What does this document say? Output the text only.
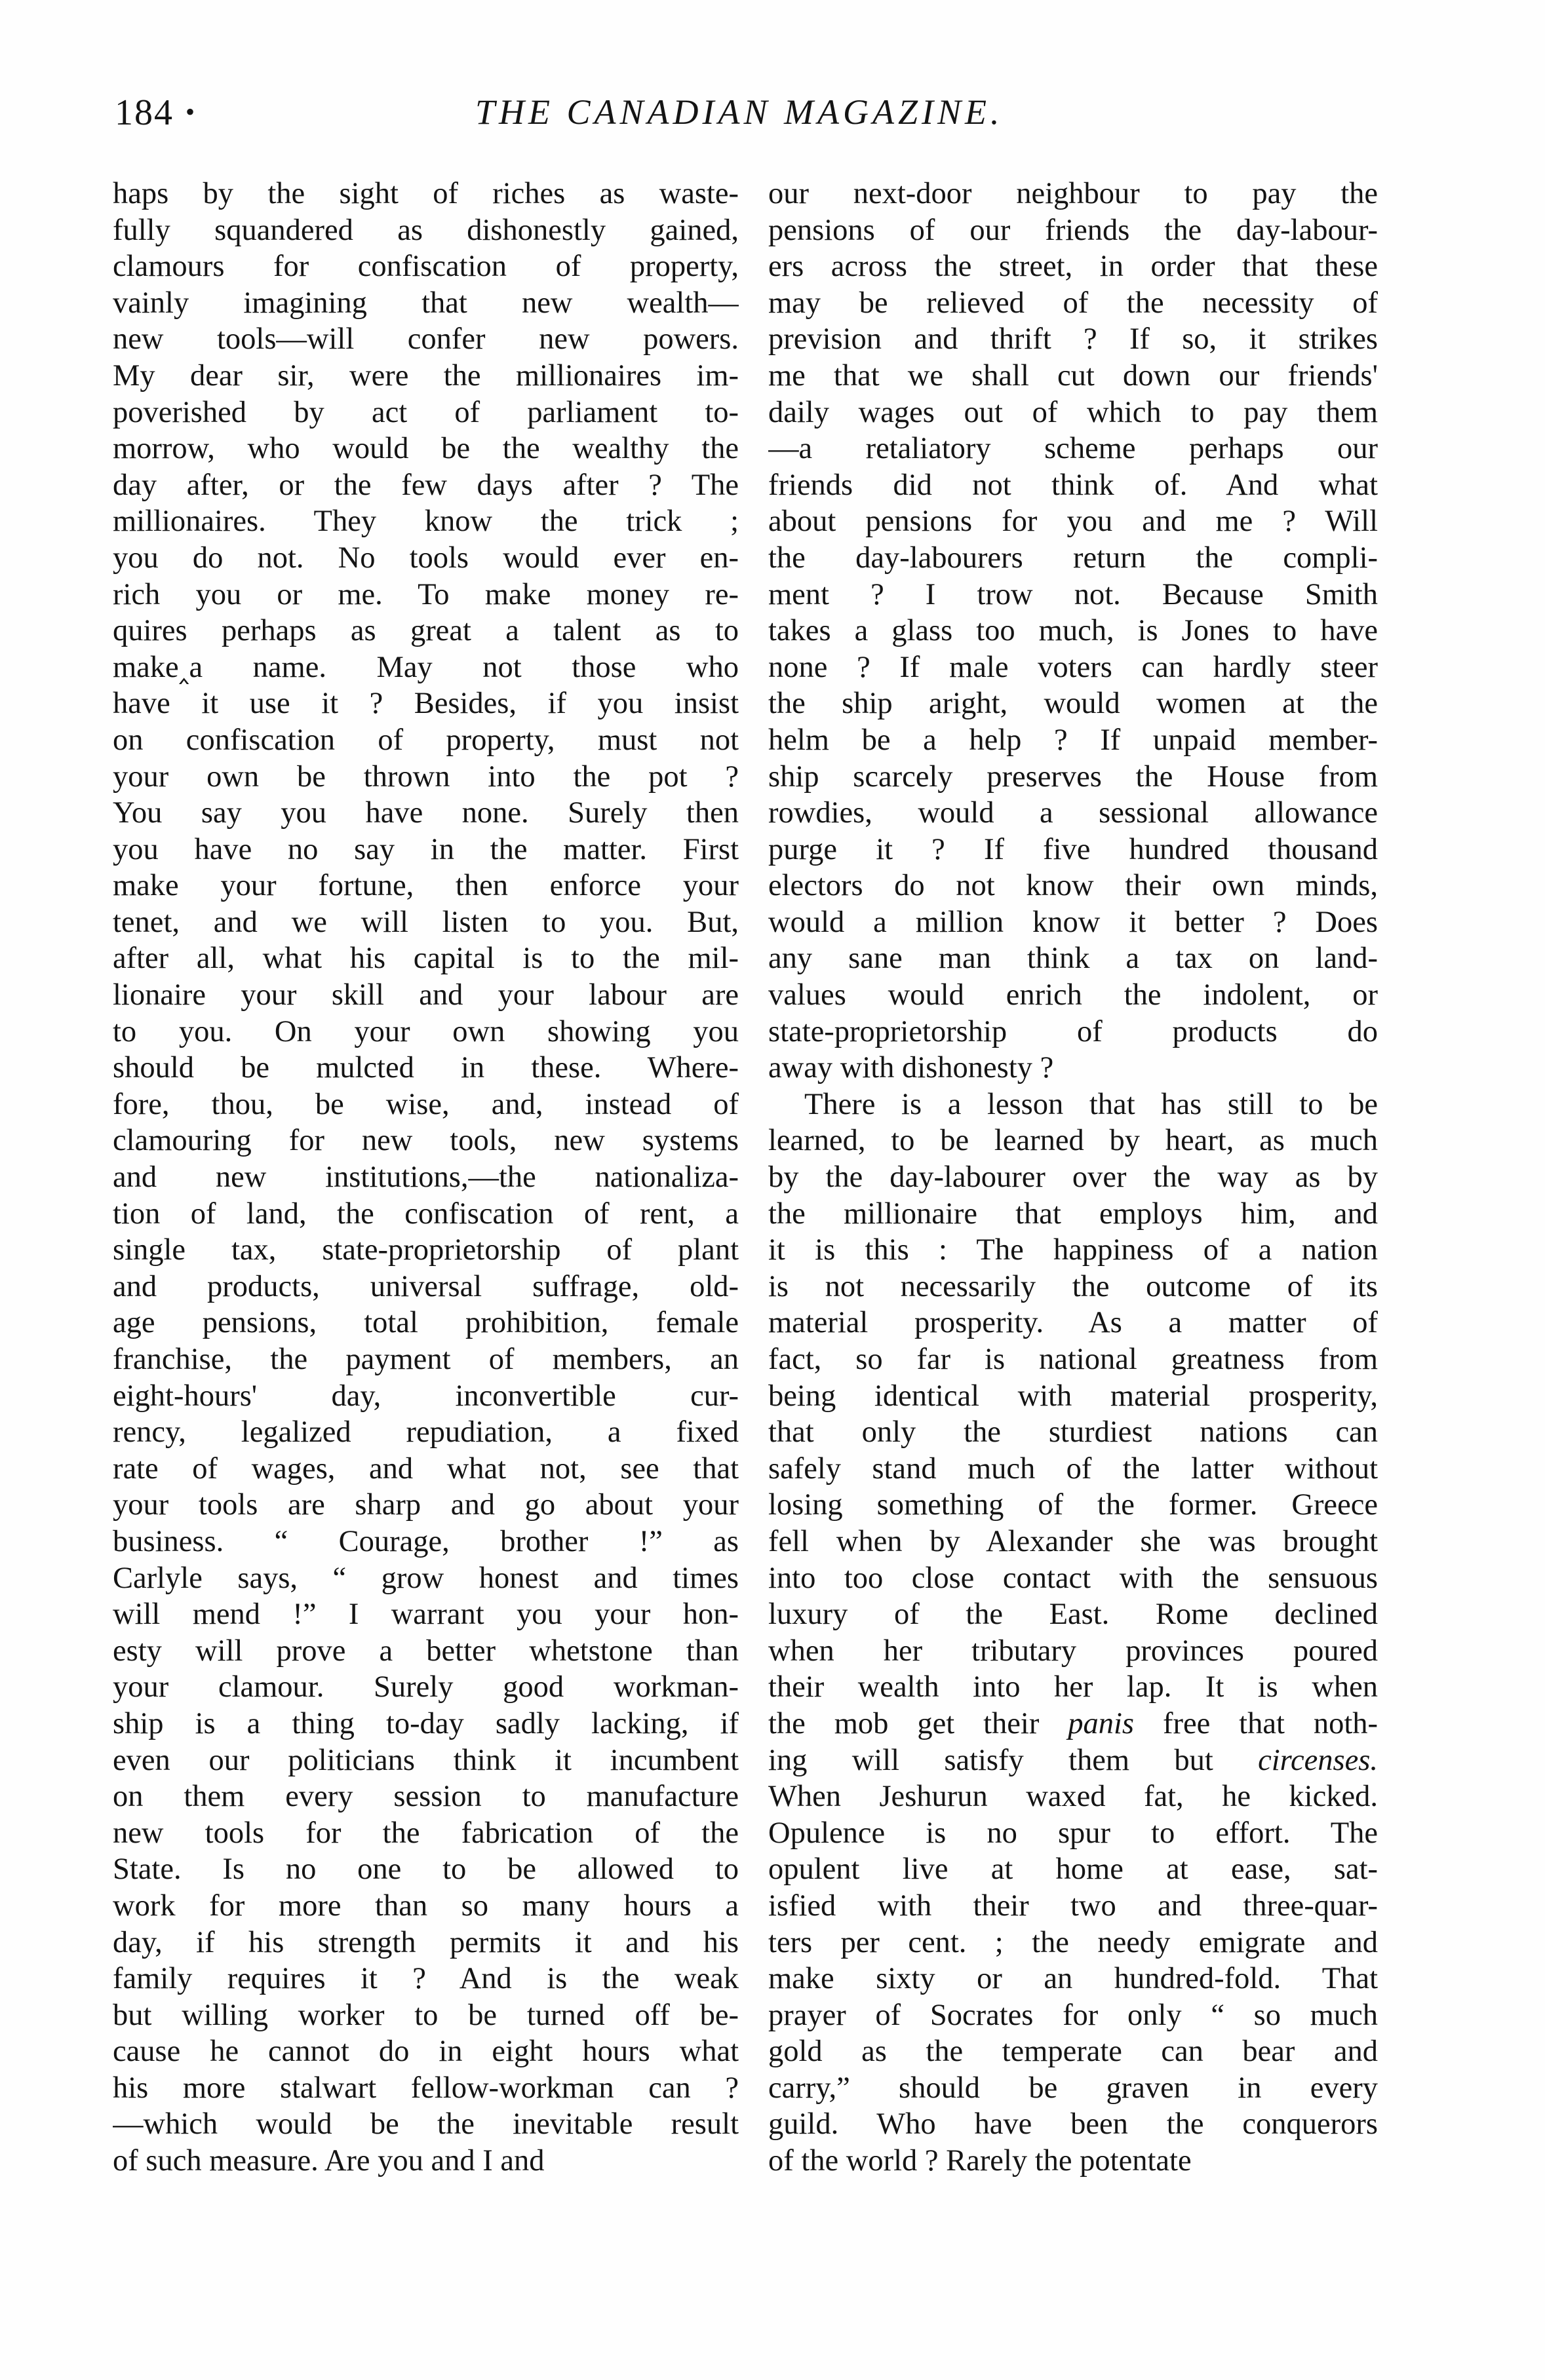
184 •	THE CANADIAN MAGAZINE.
haps by the sight of riches as waste-
fully squandered as dishonestly gained,
clamours for confiscation of property,
vainly imagining that new wealth—
new tools—will confer new powers.
My dear sir, were the millionaires im-
poverished by act of parliament to-
morrow, who would be the wealthy the
day after, or the few days after ? The
millionaires. They know the trick ;
you do not. No tools would ever en-
rich you or me. To make money re-
quires perhaps as great a talent as to
make‸a name. May not those who
have it use it ? Besides, if you insist
on confiscation of property, must not
your own be thrown into the pot ?
You say you have none. Surely then
you have no say in the matter. First
make your fortune, then enforce your
tenet, and we will listen to you. But,
after all, what his capital is to the mil-
lionaire your skill and your labour are
to you. On your own showing you
should be mulcted in these. Where-
fore, thou, be wise, and, instead of
clamouring for new tools, new systems
and new institutions,—the nationaliza-
tion of land, the confiscation of rent, a
single tax, state-proprietorship of plant
and products, universal suffrage, old-
age pensions, total prohibition, female
franchise, the payment of members, an
eight-hours' day, inconvertible cur-
rency, legalized repudiation, a fixed
rate of wages, and what not, see that
your tools are sharp and go about your
business. “ Courage, brother !” as
Carlyle says, “ grow honest and times
will mend !” I warrant you your hon-
esty will prove a better whetstone than
your clamour. Surely good workman-
ship is a thing to-day sadly lacking, if
even our politicians think it incumbent
on them every session to manufacture
new tools for the fabrication of the
State. Is no one to be allowed to
work for more than so many hours a
day, if his strength permits it and his
family requires it ? And is the weak
but willing worker to be turned off be-
cause he cannot do in eight hours what
his more stalwart fellow-workman can ?
—which would be the inevitable result
of such measure. Are you and I and
our next-door neighbour to pay the
pensions of our friends the day-labour-
ers across the street, in order that these
may be relieved of the necessity of
prevision and thrift ? If so, it strikes
me that we shall cut down our friends'
daily wages out of which to pay them
—a retaliatory scheme perhaps our
friends did not think of. And what
about pensions for you and me ? Will
the day-labourers return the compli-
ment ? I trow not. Because Smith
takes a glass too much, is Jones to have
none ? If male voters can hardly steer
the ship aright, would women at the
helm be a help ? If unpaid member-
ship scarcely preserves the House from
rowdies, would a sessional allowance
purge it ? If five hundred thousand
electors do not know their own minds,
would a million know it better ? Does
any sane man think a tax on land-
values would enrich the indolent, or
state-proprietorship of products do
away with dishonesty ?
There is a lesson that has still to be
learned, to be learned by heart, as much
by the day-labourer over the way as by
the millionaire that employs him, and
it is this : The happiness of a nation
is not necessarily the outcome of its
material prosperity. As a matter of
fact, so far is national greatness from
being identical with material prosperity,
that only the sturdiest nations can
safely stand much of the latter without
losing something of the former. Greece
fell when by Alexander she was brought
into too close contact with the sensuous
luxury of the East. Rome declined
when her tributary provinces poured
their wealth into her lap. It is when
the mob get their panis free that noth-
ing will satisfy them but circenses.
When Jeshurun waxed fat, he kicked.
Opulence is no spur to effort. The
opulent live at home at ease, sat-
isfied with their two and three-quar-
ters per cent. ; the needy emigrate and
make sixty or an hundred-fold. That
prayer of Socrates for only “ so much
gold as the temperate can bear and
carry,” should be graven in every
guild. Who have been the conquerors
of the world ? Rarely the potentate
